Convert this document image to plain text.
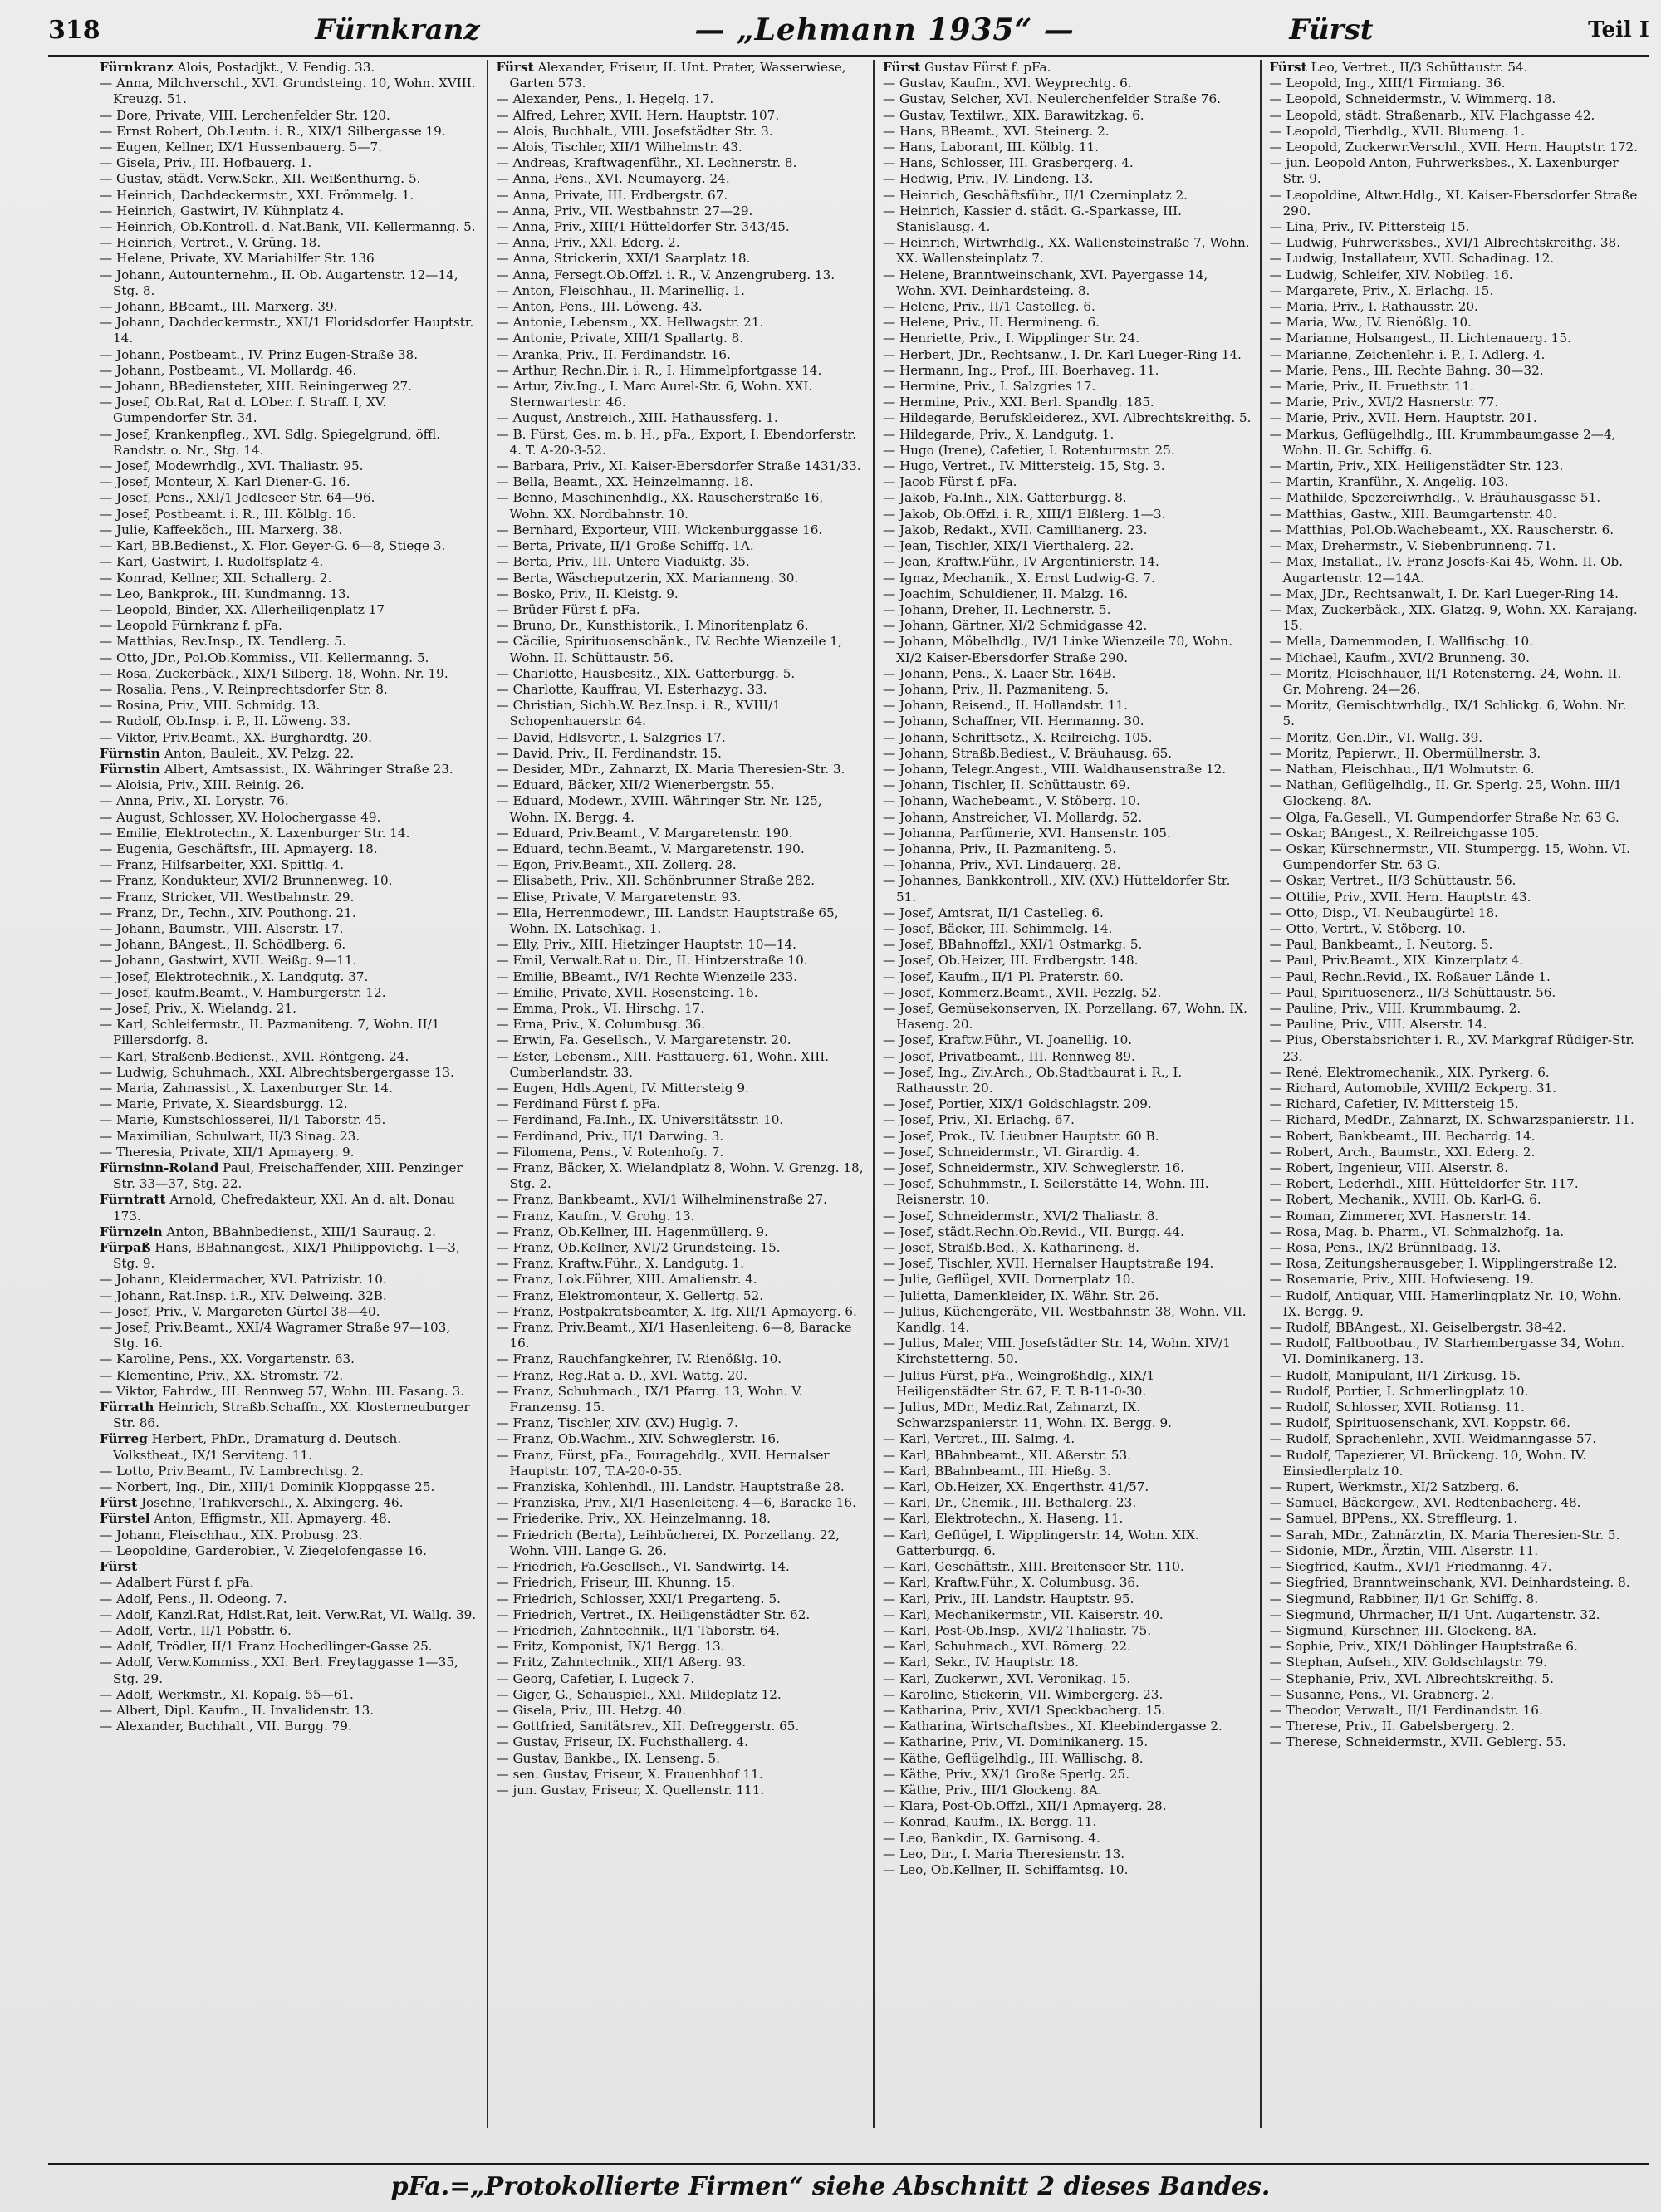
318	Fürnkranz	— „Lehmann 1935“ —	Fürst	Teil I
Fürnkranz Alois, Postadjkt., V. Fendig. 33.
— Anna, Milchverschl., XVI. Grundsteing. 10, Wohn. XVIII. Kreuzg. 51.
— Dore, Private, VIII. Lerchenfelder Str. 120.
— Ernst Robert, Ob.Leutn. i. R., XIX/1 Silbergasse 19.
— Eugen, Kellner, IX/1 Hussenbauerg. 5—7.
— Gisela, Priv., III. Hofbauerg. 1.
— Gustav, städt. Verw.Sekr., XII. Weißenthurng. 5.
— Heinrich, Dachdeckermstr., XXI. Frömmelg. 1.
— Heinrich, Gastwirt, IV. Kühnplatz 4.
— Heinrich, Ob.Kontroll. d. Nat.Bank, VII. Kellermanng. 5.
— Heinrich, Vertret., V. Grüng. 18.
— Helene, Private, XV. Mariahilfer Str. 136
— Johann, Autounternehm., II. Ob. Augartenstr. 12—14, Stg. 8.
— Johann, BBeamt., III. Marxerg. 39.
— Johann, Dachdeckermstr., XXI/1 Floridsdorfer Hauptstr. 14.
— Johann, Postbeamt., IV. Prinz Eugen-Straße 38.
— Johann, Postbeamt., VI. Mollardg. 46.
— Johann, BBediensteter, XIII. Reiningerweg 27.
— Josef, Ob.Rat, Rat d. LOber. f. Straff. I, XV. Gumpendorfer Str. 34.
— Josef, Krankenpfleg., XVI. Sdlg. Spiegelgrund, öffl. Randstr. o. Nr., Stg. 14.
— Josef, Modewrhdlg., XVI. Thaliastr. 95.
— Josef, Monteur, X. Karl Diener-G. 16.
— Josef, Pens., XXI/1 Jedleseer Str. 64—96.
— Josef, Postbeamt. i. R., III. Kölblg. 16.
— Julie, Kaffeeköch., III. Marxerg. 38.
— Karl, BB.Bedienst., X. Flor. Geyer-G. 6—8, Stiege 3.
— Karl, Gastwirt, I. Rudolfsplatz 4.
— Konrad, Kellner, XII. Schallerg. 2.
— Leo, Bankprok., III. Kundmanng. 13.
— Leopold, Binder, XX. Allerheiligenplatz 17
— Leopold Fürnkranz f. pFa.
— Matthias, Rev.Insp., IX. Tendlerg. 5.
— Otto, JDr., Pol.Ob.Kommiss., VII. Kellermanng. 5.
— Rosa, Zuckerbäck., XIX/1 Silberg. 18, Wohn. Nr. 19.
— Rosalia, Pens., V. Reinprechtsdorfer Str. 8.
— Rosina, Priv., VIII. Schmidg. 13.
— Rudolf, Ob.Insp. i. P., II. Löweng. 33.
— Viktor, Priv.Beamt., XX. Burghardtg. 20.
Fürnstin Anton, Bauleit., XV. Pelzg. 22.
Fürnstin Albert, Amtsassist., IX. Währinger Straße 23.
— Aloisia, Priv., XIII. Reinig. 26.
— Anna, Priv., XI. Lorystr. 76.
— August, Schlosser, XV. Holochergasse 49.
— Emilie, Elektrotechn., X. Laxenburger Str. 14.
— Eugenia, Geschäftsfr., III. Apmayerg. 18.
— Franz, Hilfsarbeiter, XXI. Spittlg. 4.
— Franz, Kondukteur, XVI/2 Brunnenweg. 10.
— Franz, Stricker, VII. Westbahnstr. 29.
— Franz, Dr., Techn., XIV. Pouthong. 21.
— Johann, Baumstr., VIII. Alserstr. 17.
— Johann, BAngest., II. Schödlberg. 6.
— Johann, Gastwirt, XVII. Weißg. 9—11.
— Josef, Elektrotechnik., X. Landgutg. 37.
— Josef, kaufm.Beamt., V. Hamburgerstr. 12.
— Josef, Priv., X. Wielandg. 21.
— Karl, Schleifermstr., II. Pazmaniteng. 7, Wohn. II/1 Pillersdorfg. 8.
— Karl, Straßenb.Bedienst., XVII. Röntgeng. 24.
— Ludwig, Schuhmach., XXI. Albrechtsbergergasse 13.
— Maria, Zahnassist., X. Laxenburger Str. 14.
— Marie, Private, X. Sieardsburgg. 12.
— Marie, Kunstschlosserei, II/1 Taborstr. 45.
— Maximilian, Schulwart, II/3 Sinag. 23.
— Theresia, Private, XII/1 Apmayerg. 9.
Fürnsinn-Roland Paul, Freischaffender, XIII. Penzinger Str. 33—37, Stg. 22.
Fürntratt Arnold, Chefredakteur, XXI. An d. alt. Donau 173.
Fürnzein Anton, BBahnbedienst., XIII/1 Sauraug. 2.
Fürpaß Hans, BBahnangest., XIX/1 Philippovichg. 1—3, Stg. 9.
— Johann, Kleidermacher, XVI. Patrizistr. 10.
— Johann, Rat.Insp. i.R., XIV. Delweing. 32B.
— Josef, Priv., V. Margareten Gürtel 38—40.
— Josef, Priv.Beamt., XXI/4 Wagramer Straße 97—103, Stg. 16.
— Karoline, Pens., XX. Vorgartenstr. 63.
— Klementine, Priv., XX. Stromstr. 72.
— Viktor, Fahrdw., III. Rennweg 57, Wohn. III. Fasang. 3.
Fürrath Heinrich, Straßb.Schaffn., XX. Klosterneuburger Str. 86.
Fürreg Herbert, PhDr., Dramaturg d. Deutsch. Volkstheat., IX/1 Serviteng. 11.
— Lotto, Priv.Beamt., IV. Lambrechtsg. 2.
— Norbert, Ing., Dir., XIII/1 Dominik Kloppgasse 25.
Fürst Josefine, Trafikverschl., X. Alxingerg. 46.
Fürstel Anton, Effigmstr., XII. Apmayerg. 48.
— Johann, Fleischhau., XIX. Probusg. 23.
— Leopoldine, Garderobier., V. Ziegelofengasse 16.
Fürst
— Adalbert Fürst f. pFa.
— Adolf, Pens., II. Odeong. 7.
— Adolf, Kanzl.Rat, Hdlst.Rat, leit. Verw.Rat, VI. Wallg. 39.
— Adolf, Vertr., II/1 Pobstfr. 6.
— Adolf, Trödler, II/1 Franz Hochedlinger-Gasse 25.
— Adolf, Verw.Kommiss., XXI. Berl. Freytaggasse 1—35, Stg. 29.
— Adolf, Werkmstr., XI. Kopalg. 55—61.
— Albert, Dipl. Kaufm., II. Invalidenstr. 13.
— Alexander, Buchhalt., VII. Burgg. 79.
Fürst Alexander, Friseur, II. Unt. Prater, Wasserwiese, Garten 573.
— Alexander, Pens., I. Hegelg. 17.
— Alfred, Lehrer, XVII. Hern. Hauptstr. 107.
— Alois, Buchhalt., VIII. Josefstädter Str. 3.
— Alois, Tischler, XII/1 Wilhelmstr. 43.
— Andreas, Kraftwagenführ., XI. Lechnerstr. 8.
— Anna, Pens., XVI. Neumayerg. 24.
— Anna, Private, III. Erdbergstr. 67.
— Anna, Priv., VII. Westbahnstr. 27—29.
— Anna, Priv., XIII/1 Hütteldorfer Str. 343/45.
— Anna, Priv., XXI. Ederg. 2.
— Anna, Strickerin, XXI/1 Saarplatz 18.
— Anna, Fersegt.Ob.Offzl. i. R., V. Anzengruberg. 13.
— Anton, Fleischhau., II. Marinellig. 1.
— Anton, Pens., III. Löweng. 43.
— Antonie, Lebensm., XX. Hellwagstr. 21.
— Antonie, Private, XIII/1 Spallartg. 8.
— Aranka, Priv., II. Ferdinandstr. 16.
— Arthur, Rechn.Dir. i. R., I. Himmelpfortgasse 14.
— Artur, Ziv.Ing., I. Marc Aurel-Str. 6, Wohn. XXI. Sternwartestr. 46.
— August, Anstreich., XIII. Hathaussferg. 1.
— B. Fürst, Ges. m. b. H., pFa., Export, I. Ebendorferstr. 4. T. A-20-3-52.
— Barbara, Priv., XI. Kaiser-Ebersdorfer Straße 1431/33.
— Bella, Beamt., XX. Heinzelmanng. 18.
— Benno, Maschinenhdlg., XX. Rauscherstraße 16, Wohn. XX. Nordbahnstr. 10.
— Bernhard, Exporteur, VIII. Wickenburggasse 16.
— Berta, Private, II/1 Große Schiffg. 1A.
— Berta, Priv., III. Untere Viaduktg. 35.
— Berta, Wäscheputzerin, XX. Marianneng. 30.
— Bosko, Priv., II. Kleistg. 9.
— Brüder Fürst f. pFa.
— Bruno, Dr., Kunsthistorik., I. Minoritenplatz 6.
— Cäcilie, Spirituosenschänk., IV. Rechte Wienzeile 1, Wohn. II. Schüttaustr. 56.
— Charlotte, Hausbesitz., XIX. Gatterburgg. 5.
— Charlotte, Kauffrau, VI. Esterhazyg. 33.
— Christian, Sichh.W. Bez.Insp. i. R., XVIII/1 Schopenhauerstr. 64.
— David, Hdlsvertr., I. Salzgries 17.
— David, Priv., II. Ferdinandstr. 15.
— Desider, MDr., Zahnarzt, IX. Maria Theresien-Str. 3.
— Eduard, Bäcker, XII/2 Wienerbergstr. 55.
— Eduard, Modewr., XVIII. Währinger Str. Nr. 125, Wohn. IX. Bergg. 4.
— Eduard, Priv.Beamt., V. Margaretenstr. 190.
— Eduard, techn.Beamt., V. Margaretenstr. 190.
— Egon, Priv.Beamt., XII. Zollerg. 28.
— Elisabeth, Priv., XII. Schönbrunner Straße 282.
— Elise, Private, V. Margaretenstr. 93.
— Ella, Herrenmodewr., III. Landstr. Hauptstraße 65, Wohn. IX. Latschkag. 1.
— Elly, Priv., XIII. Hietzinger Hauptstr. 10—14.
— Emil, Verwalt.Rat u. Dir., II. Hintzerstraße 10.
— Emilie, BBeamt., IV/1 Rechte Wienzeile 233.
— Emilie, Private, XVII. Rosensteing. 16.
— Emma, Prok., VI. Hirschg. 17.
— Erna, Priv., X. Columbusg. 36.
— Erwin, Fa. Gesellsch., V. Margaretenstr. 20.
— Ester, Lebensm., XIII. Fasttauerg. 61, Wohn. XIII. Cumberlandstr. 33.
— Eugen, Hdls.Agent, IV. Mittersteig 9.
— Ferdinand Fürst f. pFa.
— Ferdinand, Fa.Inh., IX. Universitätsstr. 10.
— Ferdinand, Priv., II/1 Darwing. 3.
— Filomena, Pens., V. Rotenhofg. 7.
— Franz, Bäcker, X. Wielandplatz 8, Wohn. V. Grenzg. 18, Stg. 2.
— Franz, Bankbeamt., XVI/1 Wilhelminenstraße 27.
— Franz, Kaufm., V. Grohg. 13.
— Franz, Ob.Kellner, III. Hagenmüllerg. 9.
— Franz, Ob.Kellner, XVI/2 Grundsteing. 15.
— Franz, Kraftw.Führ., X. Landgutg. 1.
— Franz, Lok.Führer, XIII. Amalienstr. 4.
— Franz, Elektromonteur, X. Gellertg. 52.
— Franz, Postpakratsbeamter, X. Ifg. XII/1 Apmayerg. 6.
— Franz, Priv.Beamt., XI/1 Hasenleiteng. 6—8, Baracke 16.
— Franz, Rauchfangkehrer, IV. Rienößlg. 10.
— Franz, Reg.Rat a. D., XVI. Wattg. 20.
— Franz, Schuhmach., IX/1 Pfarrg. 13, Wohn. V. Franzensg. 15.
— Franz, Tischler, XIV. (XV.) Huglg. 7.
— Franz, Ob.Wachm., XIV. Schweglerstr. 16.
— Franz, Fürst, pFa., Fouragehdlg., XVII. Hernalser Hauptstr. 107, T.A-20-0-55.
— Franziska, Kohlenhdl., III. Landstr. Hauptstraße 28.
— Franziska, Priv., XI/1 Hasenleiteng. 4—6, Baracke 16.
— Friederike, Priv., XX. Heinzelmanng. 18.
— Friedrich (Berta), Leihbücherei, IX. Porzellang. 22, Wohn. VIII. Lange G. 26.
— Friedrich, Fa.Gesellsch., VI. Sandwirtg. 14.
— Friedrich, Friseur, III. Khunng. 15.
— Friedrich, Schlosser, XXI/1 Pregarteng. 5.
— Friedrich, Vertret., IX. Heiligenstädter Str. 62.
— Friedrich, Zahntechnik., II/1 Taborstr. 64.
— Fritz, Komponist, IX/1 Bergg. 13.
— Fritz, Zahntechnik., XII/1 Aßerg. 93.
— Georg, Cafetier, I. Lugeck 7.
— Giger, G., Schauspiel., XXI. Mildeplatz 12.
— Gisela, Priv., III. Hetzg. 40.
— Gottfried, Sanitätsrev., XII. Defreggerstr. 65.
— Gustav, Friseur, IX. Fuchsthallerg. 4.
— Gustav, Bankbe., IX. Lenseng. 5.
— sen. Gustav, Friseur, X. Frauenhhof 11.
— jun. Gustav, Friseur, X. Quellenstr. 111.
Fürst Gustav Fürst f. pFa.
— Gustav, Kaufm., XVI. Weyprechtg. 6.
— Gustav, Selcher, XVI. Neulerchenfelder Straße 76.
— Gustav, Textilwr., XIX. Barawitzkag. 6.
— Hans, BBeamt., XVI. Steinerg. 2.
— Hans, Laborant, III. Kölblg. 11.
— Hans, Schlosser, III. Grasbergerg. 4.
— Hedwig, Priv., IV. Lindeng. 13.
— Heinrich, Geschäftsführ., II/1 Czerninplatz 2.
— Heinrich, Kassier d. städt. G.-Sparkasse, III. Stanislausg. 4.
— Heinrich, Wirtwrhdlg., XX. Wallensteinstraße 7, Wohn. XX. Wallensteinplatz 7.
— Helene, Branntweinschank, XVI. Payergasse 14, Wohn. XVI. Deinhardsteing. 8.
— Helene, Priv., II/1 Castelleg. 6.
— Helene, Priv., II. Hermineng. 6.
— Henriette, Priv., I. Wipplinger Str. 24.
— Herbert, JDr., Rechtsanw., I. Dr. Karl Lueger-Ring 14.
— Hermann, Ing., Prof., III. Boerhaveg. 11.
— Hermine, Priv., I. Salzgries 17.
— Hermine, Priv., XXI. Berl. Spandlg. 185.
— Hildegarde, Berufskleiderez., XVI. Albrechtskreithg. 5.
— Hildegarde, Priv., X. Landgutg. 1.
— Hugo (Irene), Cafetier, I. Rotenturmstr. 25.
— Hugo, Vertret., IV. Mittersteig. 15, Stg. 3.
— Jacob Fürst f. pFa.
— Jakob, Fa.Inh., XIX. Gatterburgg. 8.
— Jakob, Ob.Offzl. i. R., XIII/1 Elßlerg. 1—3.
— Jakob, Redakt., XVII. Camillianerg. 23.
— Jean, Tischler, XIX/1 Vierthalerg. 22.
— Jean, Kraftw.Führ., IV Argentinierstr. 14.
— Ignaz, Mechanik., X. Ernst Ludwig-G. 7.
— Joachim, Schuldiener, II. Malzg. 16.
— Johann, Dreher, II. Lechnerstr. 5.
— Johann, Gärtner, XI/2 Schmidgasse 42.
— Johann, Möbelhdlg., IV/1 Linke Wienzeile 70, Wohn. XI/2 Kaiser-Ebersdorfer Straße 290.
— Johann, Pens., X. Laaer Str. 164B.
— Johann, Priv., II. Pazmaniteng. 5.
— Johann, Reisend., II. Hollandstr. 11.
— Johann, Schaffner, VII. Hermanng. 30.
— Johann, Schriftsetz., X. Reilreichg. 105.
— Johann, Straßb.Bediest., V. Bräuhausg. 65.
— Johann, Telegr.Angest., VIII. Waldhausenstraße 12.
— Johann, Tischler, II. Schüttaustr. 69.
— Johann, Wachebeamt., V. Stöberg. 10.
— Johann, Anstreicher, VI. Mollardg. 52.
— Johanna, Parfümerie, XVI. Hansenstr. 105.
— Johanna, Priv., II. Pazmaniteng. 5.
— Johanna, Priv., XVI. Lindauerg. 28.
— Johannes, Bankkontroll., XIV. (XV.) Hütteldorfer Str. 51.
— Josef, Amtsrat, II/1 Castelleg. 6.
— Josef, Bäcker, III. Schimmelg. 14.
— Josef, BBahnoffzl., XXI/1 Ostmarkg. 5.
— Josef, Ob.Heizer, III. Erdbergstr. 148.
— Josef, Kaufm., II/1 Pl. Praterstr. 60.
— Josef, Kommerz.Beamt., XVII. Pezzlg. 52.
— Josef, Gemüsekonserven, IX. Porzellang. 67, Wohn. IX. Haseng. 20.
— Josef, Kraftw.Führ., VI. Joanellig. 10.
— Josef, Privatbeamt., III. Rennweg 89.
— Josef, Ing., Ziv.Arch., Ob.Stadtbaurat i. R., I. Rathausstr. 20.
— Josef, Portier, XIX/1 Goldschlagstr. 209.
— Josef, Priv., XI. Erlachg. 67.
— Josef, Prok., IV. Lieubner Hauptstr. 60 B.
— Josef, Schneidermstr., VI. Girardig. 4.
— Josef, Schneidermstr., XIV. Schweglerstr. 16.
— Josef, Schuhmmstr., I. Seilerstätte 14, Wohn. III. Reisnerstr. 10.
— Josef, Schneidermstr., XVI/2 Thaliastr. 8.
— Josef, städt.Rechn.Ob.Revid., VII. Burgg. 44.
— Josef, Straßb.Bed., X. Katharineng. 8.
— Josef, Tischler, XVII. Hernalser Hauptstraße 194.
— Julie, Geflügel, XVII. Dornerplatz 10.
— Julietta, Damenkleider, IX. Währ. Str. 26.
— Julius, Küchengeräte, VII. Westbahnstr. 38, Wohn. VII. Kandlg. 14.
— Julius, Maler, VIII. Josefstädter Str. 14, Wohn. XIV/1 Kirchstetterng. 50.
— Julius Fürst, pFa., Weingroßhdlg., XIX/1 Heiligenstädter Str. 67, F. T. B-11-0-30.
— Julius, MDr., Mediz.Rat, Zahnarzt, IX. Schwarzspanierstr. 11, Wohn. IX. Bergg. 9.
— Karl, Vertret., III. Salmg. 4.
— Karl, BBahnbeamt., XII. Aßerstr. 53.
— Karl, BBahnbeamt., III. Hießg. 3.
— Karl, Ob.Heizer, XX. Engerthstr. 41/57.
— Karl, Dr., Chemik., III. Bethalerg. 23.
— Karl, Elektrotechn., X. Haseng. 11.
— Karl, Geflügel, I. Wipplingerstr. 14, Wohn. XIX. Gatterburgg. 6.
— Karl, Geschäftsfr., XIII. Breitenseer Str. 110.
— Karl, Kraftw.Führ., X. Columbusg. 36.
— Karl, Priv., III. Landstr. Hauptstr. 95.
— Karl, Mechanikermstr., VII. Kaiserstr. 40.
— Karl, Post-Ob.Insp., XVI/2 Thaliastr. 75.
— Karl, Schuhmach., XVI. Römerg. 22.
— Karl, Sekr., IV. Hauptstr. 18.
— Karl, Zuckerwr., XVI. Veronikag. 15.
— Karoline, Stickerin, VII. Wimbergerg. 23.
— Katharina, Priv., XVI/1 Speckbacherg. 15.
— Katharina, Wirtschaftsbes., XI. Kleebindergasse 2.
— Katharine, Priv., VI. Dominikanerg. 15.
— Käthe, Geflügelhdlg., III. Wällischg. 8.
— Käthe, Priv., XX/1 Große Sperlg. 25.
— Käthe, Priv., III/1 Glockeng. 8A.
— Klara, Post-Ob.Offzl., XII/1 Apmayerg. 28.
— Konrad, Kaufm., IX. Bergg. 11.
— Leo, Bankdir., IX. Garnisong. 4.
— Leo, Dir., I. Maria Theresienstr. 13.
— Leo, Ob.Kellner, II. Schiffamtsg. 10.
Fürst Leo, Vertret., II/3 Schüttaustr. 54.
— Leopold, Ing., XIII/1 Firmiang. 36.
— Leopold, Schneidermstr., V. Wimmerg. 18.
— Leopold, städt. Straßenarb., XIV. Flachgasse 42.
— Leopold, Tierhdlg., XVII. Blumeng. 1.
— Leopold, Zuckerwr.Verschl., XVII. Hern. Hauptstr. 172.
— jun. Leopold Anton, Fuhrwerksbes., X. Laxenburger Str. 9.
— Leopoldine, Altwr.Hdlg., XI. Kaiser-Ebersdorfer Straße 290.
— Lina, Priv., IV. Pittersteig 15.
— Ludwig, Fuhrwerksbes., XVI/1 Albrechtskreithg. 38.
— Ludwig, Installateur, XVII. Schadinag. 12.
— Ludwig, Schleifer, XIV. Nobileg. 16.
— Margarete, Priv., X. Erlachg. 15.
— Maria, Priv., I. Rathausstr. 20.
— Maria, Ww., IV. Rienößlg. 10.
— Marianne, Holsangest., II. Lichtenauerg. 15.
— Marianne, Zeichenlehr. i. P., I. Adlerg. 4.
— Marie, Pens., III. Rechte Bahng. 30—32.
— Marie, Priv., II. Fruethstr. 11.
— Marie, Priv., XVI/2 Hasnerstr. 77.
— Marie, Priv., XVII. Hern. Hauptstr. 201.
— Markus, Geflügelhdlg., III. Krummbaumgasse 2—4, Wohn. II. Gr. Schiffg. 6.
— Martin, Priv., XIX. Heiligenstädter Str. 123.
— Martin, Kranführ., X. Angelig. 103.
— Mathilde, Spezereiwrhdlg., V. Bräuhausgasse 51.
— Matthias, Gastw., XIII. Baumgartenstr. 40.
— Matthias, Pol.Ob.Wachebeamt., XX. Rauscherstr. 6.
— Max, Drehermstr., V. Siebenbrunneng. 71.
— Max, Installat., IV. Franz Josefs-Kai 45, Wohn. II. Ob. Augartenstr. 12—14A.
— Max, JDr., Rechtsanwalt, I. Dr. Karl Lueger-Ring 14.
— Max, Zuckerbäck., XIX. Glatzg. 9, Wohn. XX. Karajang. 15.
— Mella, Damenmoden, I. Wallfischg. 10.
— Michael, Kaufm., XVI/2 Brunneng. 30.
— Moritz, Fleischhauer, II/1 Rotensterng. 24, Wohn. II. Gr. Mohreng. 24—26.
— Moritz, Gemischtwrhdlg., IX/1 Schlickg. 6, Wohn. Nr. 5.
— Moritz, Gen.Dir., VI. Wallg. 39.
— Moritz, Papierwr., II. Obermüllnerstr. 3.
— Nathan, Fleischhau., II/1 Wolmutstr. 6.
— Nathan, Geflügelhdlg., II. Gr. Sperlg. 25, Wohn. III/1 Glockeng. 8A.
— Olga, Fa.Gesell., VI. Gumpendorfer Straße Nr. 63 G.
— Oskar, BAngest., X. Reilreichgasse 105.
— Oskar, Kürschnermstr., VII. Stumpergg. 15, Wohn. VI. Gumpendorfer Str. 63 G.
— Oskar, Vertret., II/3 Schüttaustr. 56.
— Ottilie, Priv., XVII. Hern. Hauptstr. 43.
— Otto, Disp., VI. Neubaugürtel 18.
— Otto, Vertrt., V. Stöberg. 10.
— Paul, Bankbeamt., I. Neutorg. 5.
— Paul, Priv.Beamt., XIX. Kinzerplatz 4.
— Paul, Rechn.Revid., IX. Roßauer Lände 1.
— Paul, Spirituosenerz., II/3 Schüttaustr. 56.
— Pauline, Priv., VIII. Krummbaumg. 2.
— Pauline, Priv., VIII. Alserstr. 14.
— Pius, Oberstabsrichter i. R., XV. Markgraf Rüdiger-Str. 23.
— René, Elektromechanik., XIX. Pyrkerg. 6.
— Richard, Automobile, XVIII/2 Eckperg. 31.
— Richard, Cafetier, IV. Mittersteig 15.
— Richard, MedDr., Zahnarzt, IX. Schwarzspanierstr. 11.
— Robert, Bankbeamt., III. Bechardg. 14.
— Robert, Arch., Baumstr., XXI. Ederg. 2.
— Robert, Ingenieur, VIII. Alserstr. 8.
— Robert, Lederhdl., XIII. Hütteldorfer Str. 117.
— Robert, Mechanik., XVIII. Ob. Karl-G. 6.
— Roman, Zimmerer, XVI. Hasnerstr. 14.
— Rosa, Mag. b. Pharm., VI. Schmalzhofg. 1a.
— Rosa, Pens., IX/2 Brünnlbadg. 13.
— Rosa, Zeitungsherausgeber, I. Wipplingerstraße 12.
— Rosemarie, Priv., XIII. Hofwieseng. 19.
— Rudolf, Antiquar, VIII. Hamerlingplatz Nr. 10, Wohn. IX. Bergg. 9.
— Rudolf, BBAngest., XI. Geiselbergstr. 38-42.
— Rudolf, Faltbootbau., IV. Starhembergasse 34, Wohn. VI. Dominikanerg. 13.
— Rudolf, Manipulant, II/1 Zirkusg. 15.
— Rudolf, Portier, I. Schmerlingplatz 10.
— Rudolf, Schlosser, XVII. Rotiansg. 11.
— Rudolf, Spirituosenschank, XVI. Koppstr. 66.
— Rudolf, Sprachenlehr., XVII. Weidmanngasse 57.
— Rudolf, Tapezierer, VI. Brückeng. 10, Wohn. IV. Einsiedlerplatz 10.
— Rupert, Werkmstr., XI/2 Satzberg. 6.
— Samuel, Bäckergew., XVI. Redtenbacherg. 48.
— Samuel, BPPens., XX. Streffleurg. 1.
— Sarah, MDr., Zahnärztin, IX. Maria Theresien-Str. 5.
— Sidonie, MDr., Ärztin, VIII. Alserstr. 11.
— Siegfried, Kaufm., XVI/1 Friedmanng. 47.
— Siegfried, Branntweinschank, XVI. Deinhardsteing. 8.
— Siegmund, Rabbiner, II/1 Gr. Schiffg. 8.
— Siegmund, Uhrmacher, II/1 Unt. Augartenstr. 32.
— Sigmund, Kürschner, III. Glockeng. 8A.
— Sophie, Priv., XIX/1 Döblinger Hauptstraße 6.
— Stephan, Aufseh., XIV. Goldschlagstr. 79.
— Stephanie, Priv., XVI. Albrechtskreithg. 5.
— Susanne, Pens., VI. Grabnerg. 2.
— Theodor, Verwalt., II/1 Ferdinandstr. 16.
— Therese, Priv., II. Gabelsbergerg. 2.
— Therese, Schneidermstr., XVII. Geblerg. 55.
pFa.=„Protokollierte Firmen“ siehe Abschnitt 2 dieses Bandes.
